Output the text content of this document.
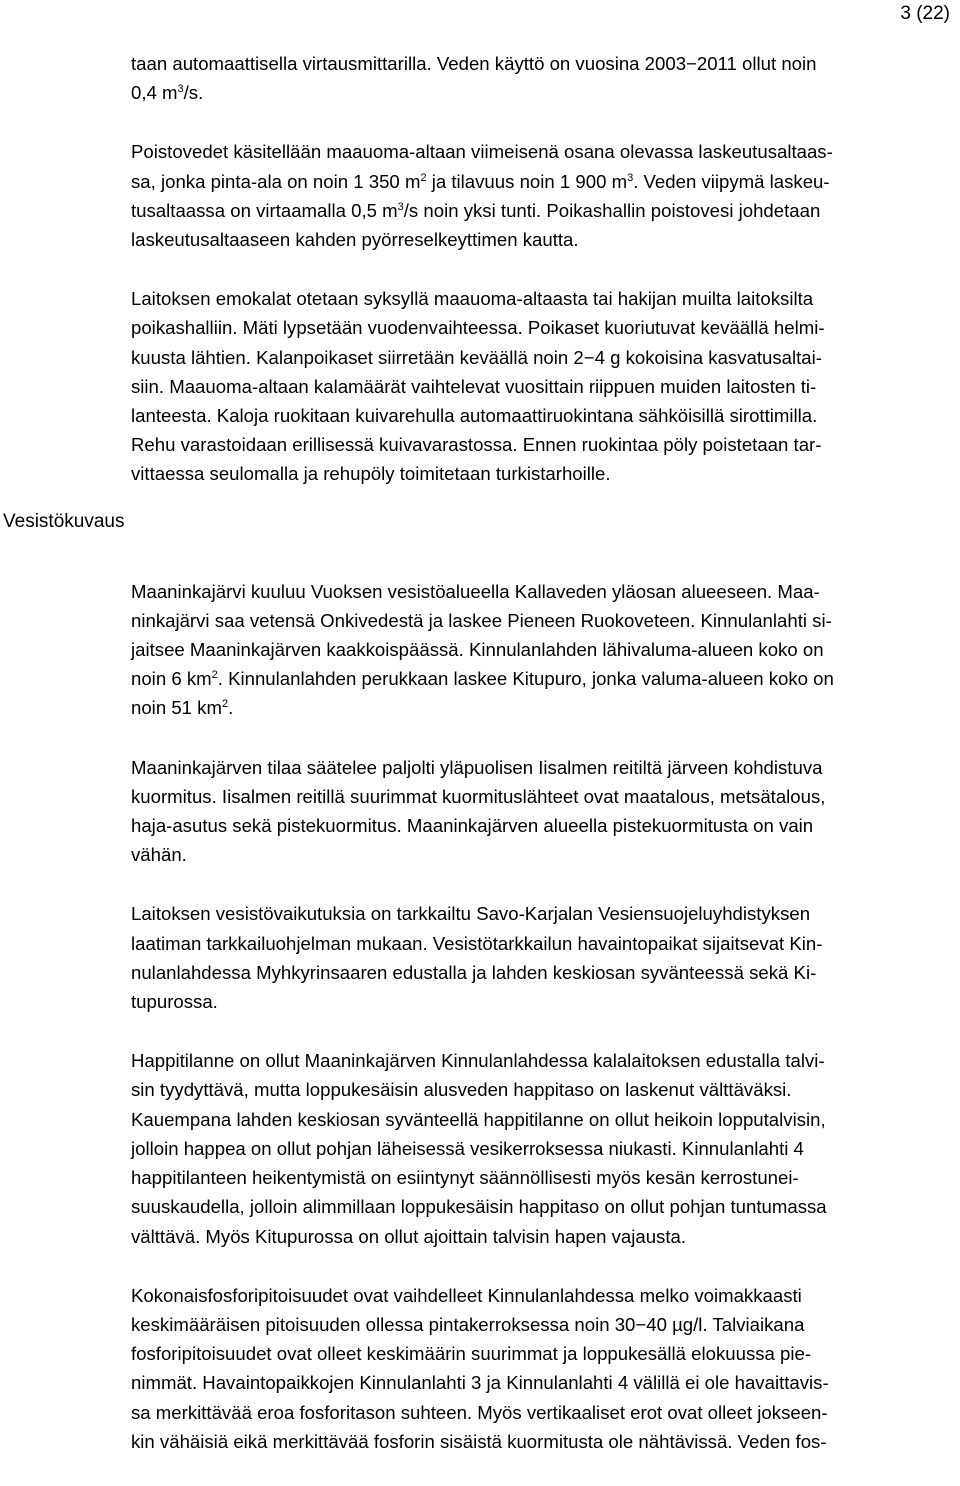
3 (22)
Vesistökuvaus

taan automaattisella virtausmittarilla. Veden käyttö on vuosina 2003−2011 ollut noin
0,4 $m^3/s$.

Poistovedet käsitellään maauoma-altaan viimeisenä osana olevassa laskeutusaltaas-
sa, jonka pinta-ala on noin 1 350 $m^2$ ja tilavuus noin 1 900 $m^3$. Veden viipymä laskeu-
tusaltaassa on virtaamalla 0,5 $m^3/s$ noin yksi tunti. Poikashallin poistovesi johdetaan
laskeutusaltaaseen kahden pyörreselkeyttimen kautta.

Laitoksen emokalat otetaan syksyllä maauoma-altaasta tai hakijan muilta laitoksilta
poikashalliin. Mäti lypsetään vuodenvaihteessa. Poikaset kuoriutuvat keväällä helmi-
kuusta lähtien. Kalanpoikaset siirretään keväällä noin 2−4 g kokoisina kasvatusaltai-
siin. Maauoma-altaan kalamäärät vaihtelevat vuosittain riippuen muiden laitosten ti-
lanteesta. Kaloja ruokitaan kuivarehulla automaattiruokintana sähköisillä sirottimilla.
Rehu varastoidaan erillisessä kuivavarastossa. Ennen ruokintaa pöly poistetaan tar-
vittaessa seulomalla ja rehupöly toimitetaan turkistarhoille.

Maaninkajärvi kuuluu Vuoksen vesistöalueella Kallaveden yläosan alueeseen. Maa-
ninkajärvi saa vetensä Onkivedestä ja laskee Pieneen Ruokoveteen. Kinnulanlahti si-
jaitsee Maaninkajärven kaakkoispäässä. Kinnulanlahden lähivaluma-alueen koko on
noin 6 $km^2$. Kinnulanlahden perukkaan laskee Kitupuro, jonka valuma-alueen koko on
noin 51 $km^2$.

Maaninkajärven tilaa säätelee paljolti yläpuolisen Iisalmen reitiltä järveen kohdistuva
kuormitus. Iisalmen reitillä suurimmat kuormituslähteet ovat maatalous, metsätalous,
haja-asutus sekä pistekuormitus. Maaninkajärven alueella pistekuormitusta on vain
vähän.

Laitoksen vesistövaikutuksia on tarkkailtu Savo-Karjalan Vesiensuojeluyhdistyksen
laatiman tarkkailuohjelman mukaan. Vesistötarkkailun havaintopaikat sijaitsevat Kin-
nulanlahdessa Myhkyrinsaaren edustalla ja lahden keskiosan syvänteessä sekä Ki-
tupurossa.

Happitilanne on ollut Maaninkajärven Kinnulanlahdessa kalalaitoksen edustalla talvi-
sin tyydyttävä, mutta loppukesäisin alusveden happitaso on laskenut välttäväksi.
Kauempana lahden keskiosan syvänteellä happitilanne on ollut heikoin lopputalvisin,
jolloin happea on ollut pohjan läheisessä vesikerroksessa niukasti. Kinnulanlahti 4
happitilanteen heikentymistä on esiintynyt säännöllisesti myös kesän kerrostunei-
suuskaudella, jolloin alimmillaan loppukesäisin happitaso on ollut pohjan tuntumassa
välttävä. Myös Kitupurossa on ollut ajoittain talvisin hapen vajausta.

Kokonaisfosforipitoisuudet ovat vaihdelleet Kinnulanlahdessa melko voimakkaasti
keskimääräisen pitoisuuden ollessa pintakerroksessa noin 30−40 µg/l. Talviaikana
fosforipitoisuudet ovat olleet keskimäärin suurimmat ja loppukesällä elokuussa pie-
nimmät. Havaintopaikkojen Kinnulanlahti 3 ja Kinnulanlahti 4 välillä ei ole havaittavis-
sa merkittävää eroa fosforitason suhteen. Myös vertikaaliset erot ovat olleet jokseen-
kin vähäisiä eikä merkittävää fosforin sisäistä kuormitusta ole nähtävissä. Veden fos-
